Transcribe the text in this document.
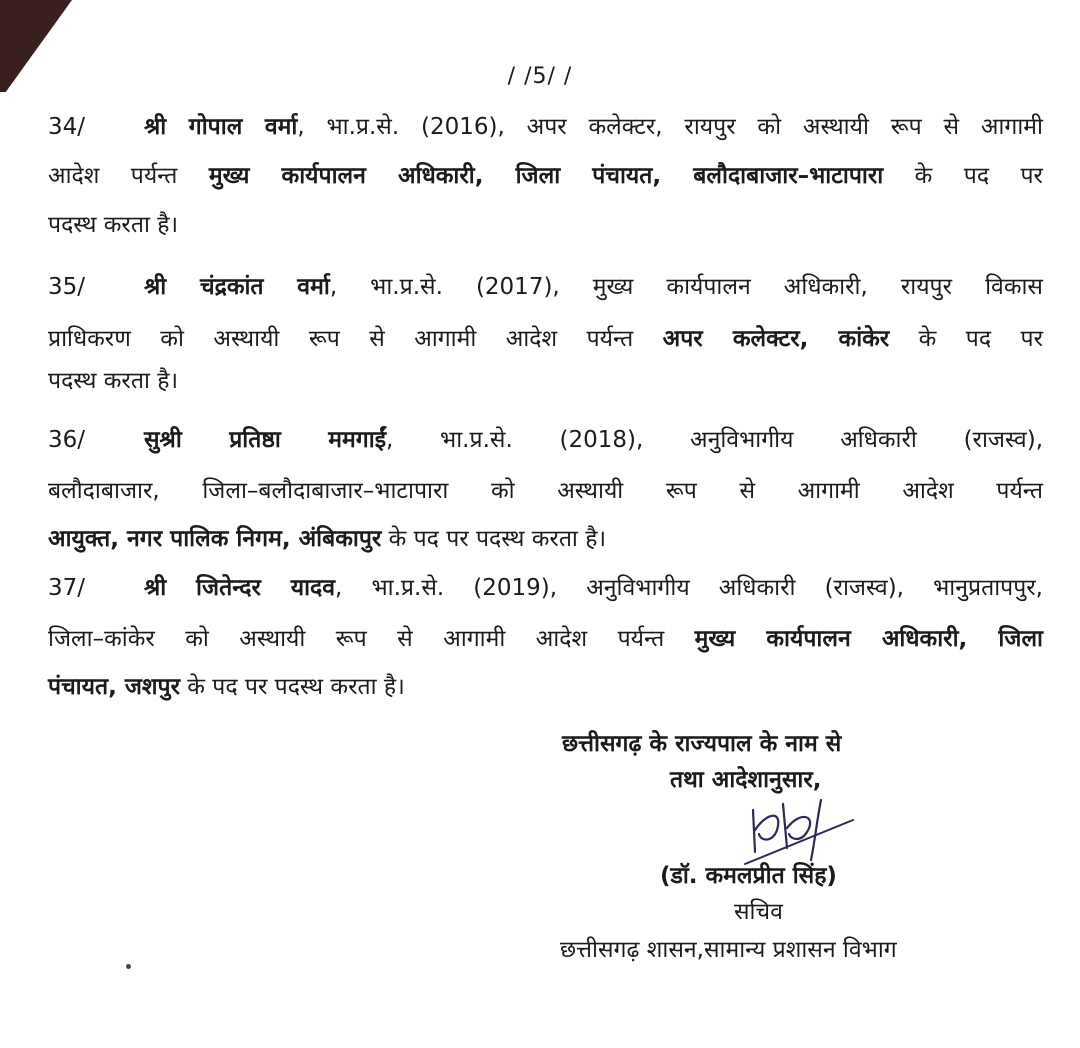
/ /5/ /
34/	श्री गोपाल वर्मा, भा.प्र.से. (2016), अपर कलेक्टर, रायपुर को अस्थायी रूप से आगामी
आदेश पर्यन्त मुख्य कार्यपालन अधिकारी, जिला पंचायत, बलौदाबाजार–भाटापारा के पद पर
पदस्थ करता है।
35/	श्री चंद्रकांत वर्मा, भा.प्र.से. (2017), मुख्य कार्यपालन अधिकारी, रायपुर विकास
प्राधिकरण को अस्थायी रूप से आगामी आदेश पर्यन्त अपर कलेक्टर, कांकेर के पद पर
पदस्थ करता है।
36/	सुश्री प्रतिष्ठा ममगाईं, भा.प्र.से. (2018), अनुविभागीय अधिकारी (राजस्व),
बलौदाबाजार, जिला–बलौदाबाजार–भाटापारा को अस्थायी रूप से आगामी आदेश पर्यन्त
आयुक्त, नगर पालिक निगम, अंबिकापुर के पद पर पदस्थ करता है।
37/	श्री जितेन्दर यादव, भा.प्र.से. (2019), अनुविभागीय अधिकारी (राजस्व), भानुप्रतापपुर,
जिला–कांकेर को अस्थायी रूप से आगामी आदेश पर्यन्त मुख्य कार्यपालन अधिकारी, जिला
पंचायत, जशपुर के पद पर पदस्थ करता है।
छत्तीसगढ़ के राज्यपाल के नाम से
तथा आदेशानुसार,
(डॉ. कमलप्रीत सिंह)
सचिव
छत्तीसगढ़ शासन,सामान्य प्रशासन विभाग
